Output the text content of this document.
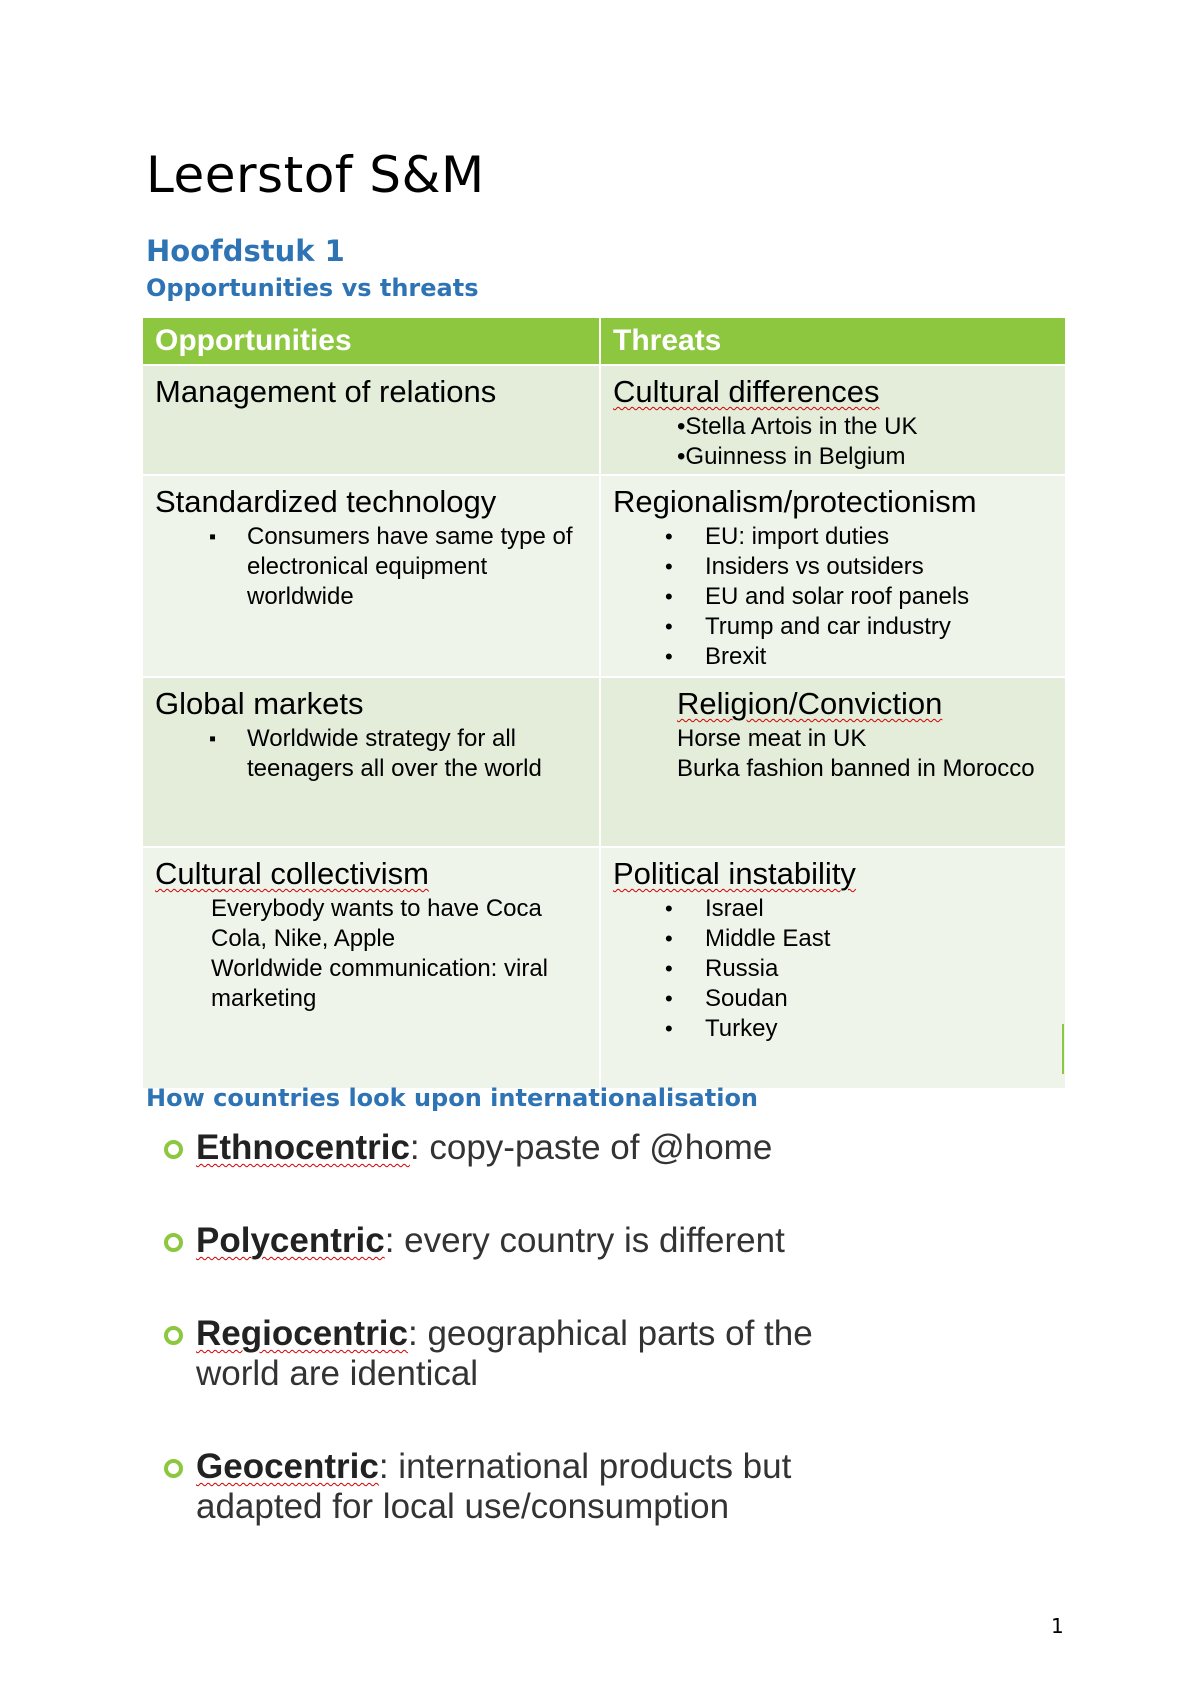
Leerstof S&M
Hoofdstuk 1
Opportunities vs threats
Opportunities	Threats
Management of relations	Cultural differences
•Stella Artois in the UK
•Guinness in Belgium
Standardized technology
▪ Consumers have same type of electronical equipment worldwide
Regionalism/protectionism
• EU: import duties
• Insiders vs outsiders
• EU and solar roof panels
• Trump and car industry
• Brexit
Global markets
▪ Worldwide strategy for all teenagers all over the world
Religion/Conviction
Horse meat in UK
Burka fashion banned in Morocco
Cultural collectivism
Everybody wants to have Coca Cola, Nike, Apple
Worldwide communication: viral marketing
Political instability
• Israel
• Middle East
• Russia
• Soudan
• Turkey
How countries look upon internationalisation
Ethnocentric: copy-paste of @home
Polycentric: every country is different
Regiocentric: geographical parts of the world are identical
Geocentric: international products but adapted for local use/consumption
1
